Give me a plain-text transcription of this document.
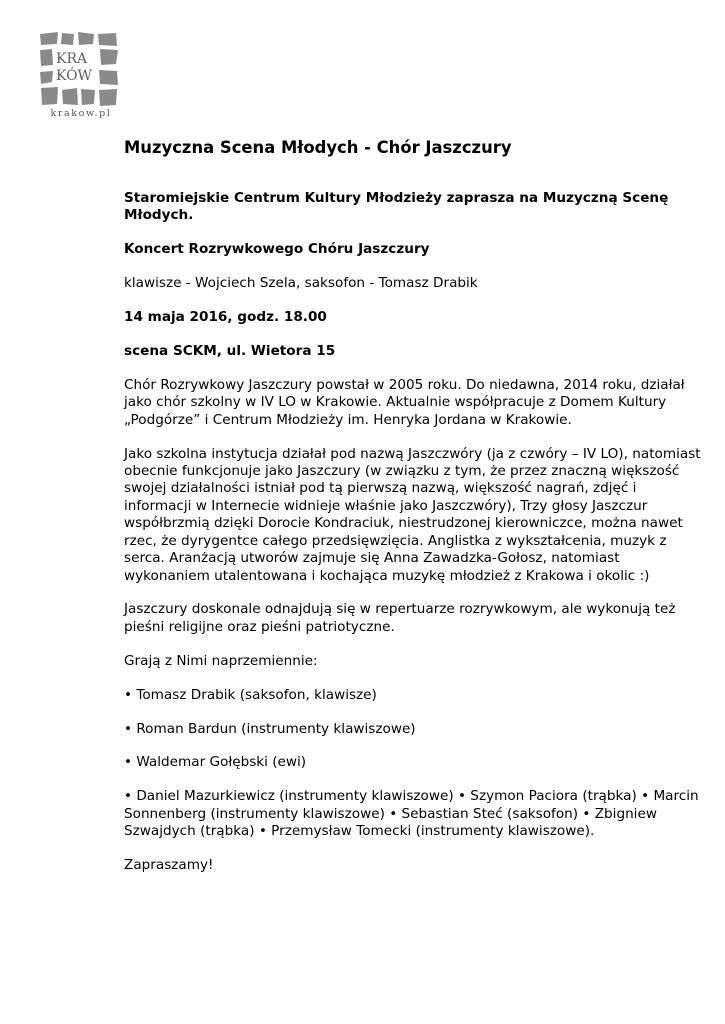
KRA
KÓW
krakow.pl
Muzyczna Scena Młodych - Chór Jaszczury
Staromiejskie Centrum Kultury Młodzieży zaprasza na Muzyczną Scenę Młodych.
Koncert Rozrywkowego Chóru Jaszczury
klawisze - Wojciech Szela, saksofon - Tomasz Drabik
14 maja 2016, godz. 18.00
scena SCKM, ul. Wietora 15
Chór Rozrywkowy Jaszczury powstał w 2005 roku. Do niedawna, 2014 roku, działał jako chór szkolny w IV LO w Krakowie. Aktualnie współpracuje z Domem Kultury „Podgórze” i Centrum Młodzieży im. Henryka Jordana w Krakowie.
Jako szkolna instytucja działał pod nazwą Jaszczwóry (ja z czwóry – IV LO), natomiast obecnie funkcjonuje jako Jaszczury (w związku z tym, że przez znaczną większość swojej działalności istniał pod tą pierwszą nazwą, większość nagrań, zdjęć i informacji w Internecie widnieje właśnie jako Jaszczwóry), Trzy głosy Jaszczur współbrzmią dzięki Dorocie Kondraciuk, niestrudzonej kierowniczce, można nawet rzec, że dyrygentce całego przedsięwzięcia. Anglistka z wykształcenia, muzyk z serca. Aranżacją utworów zajmuje się Anna Zawadzka-Gołosz, natomiast wykonaniem utalentowana i kochająca muzykę młodzież z Krakowa i okolic :)
Jaszczury doskonale odnajdują się w repertuarze rozrywkowym, ale wykonują też pieśni religijne oraz pieśni patriotyczne.
Grają z Nimi naprzemiennie:
• Tomasz Drabik (saksofon, klawisze)
• Roman Bardun (instrumenty klawiszowe)
• Waldemar Gołębski (ewi)
• Daniel Mazurkiewicz (instrumenty klawiszowe) • Szymon Paciora (trąbka) • Marcin Sonnenberg (instrumenty klawiszowe) • Sebastian Steć (saksofon) • Zbigniew Szwajdych (trąbka) • Przemysław Tomecki (instrumenty klawiszowe).
Zapraszamy!
